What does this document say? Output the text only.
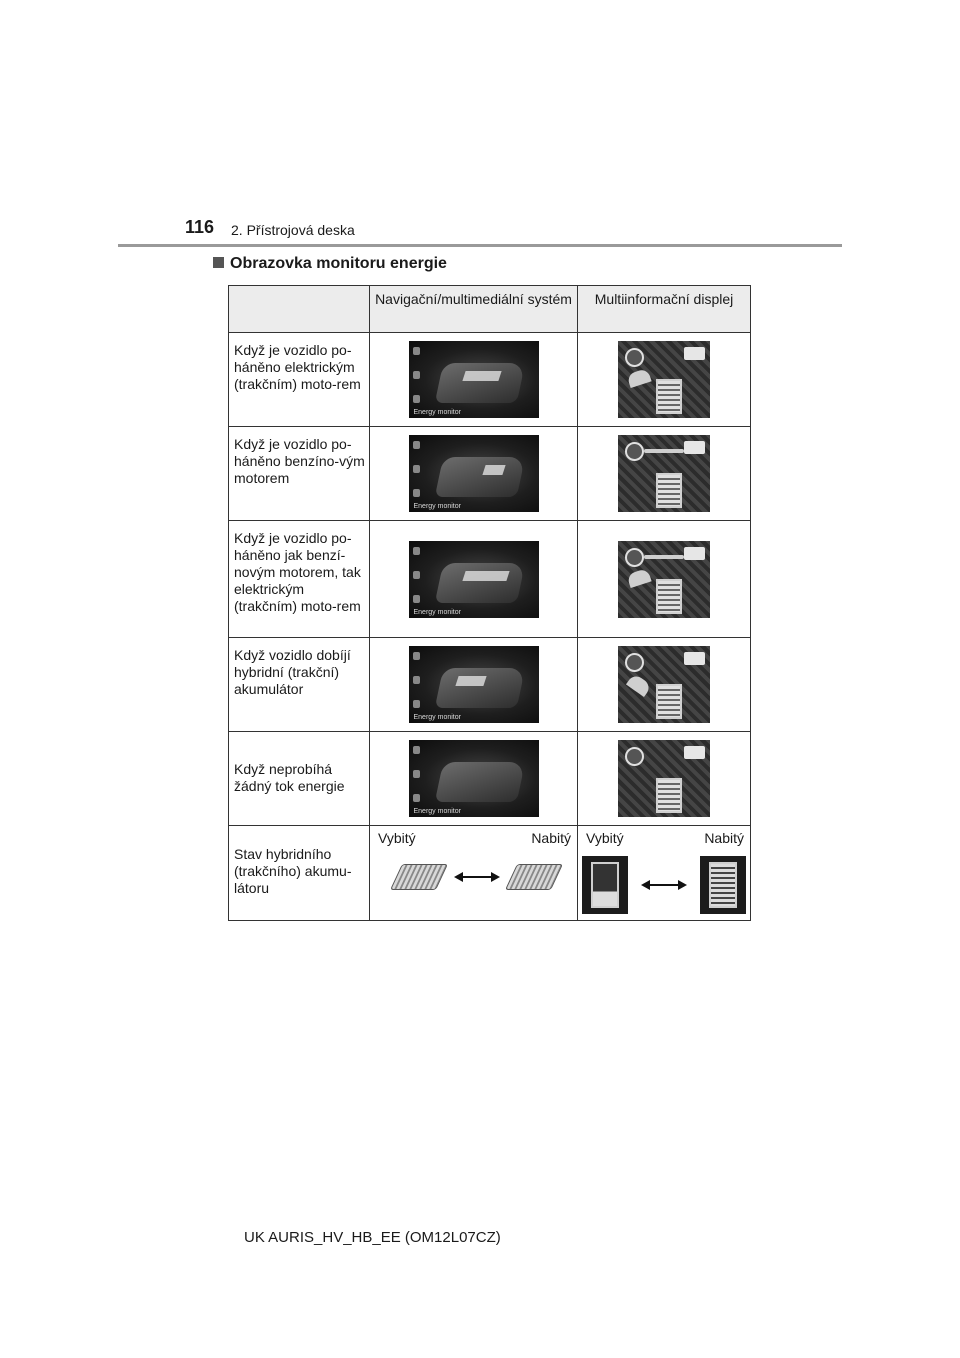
116 2. Přístrojová deska
Obrazovka monitoru energie
	Navigační/multimediální systém	Multiinformační displej
Když je vozidlo po-háněno elektrickým (trakčním) moto-rem	Energy monitor	

Když je vozidlo po-háněno benzíno-vým motorem	Energy monitor	

Když je vozidlo po-háněno jak benzí-novým motorem, tak elektrickým (trakčním) moto-rem	Energy monitor	

Když vozidlo dobíjí hybridní (trakční) akumulátor	Energy monitor	

Když neprobíhá žádný tok energie	Energy monitor	

Stav hybridního (trakčního) akumu-látoru	Vybitý Nabitý	Vybitý Nabitý
UK AURIS_HV_HB_EE (OM12L07CZ)
